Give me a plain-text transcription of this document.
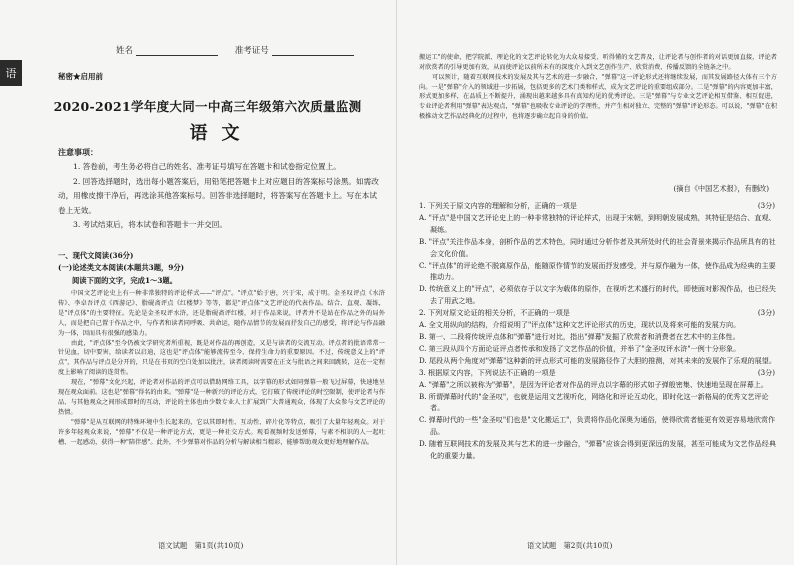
语
姓名	准考证号
秘密★启用前
2020-2021学年度大同一中高三年级第六次质量监测
语文
注意事项：

1. 答卷前，考生务必将自己的姓名、准考证号填写在答题卡和试卷指定位置上。

2. 回答选择题时，选出每小题答案后，用铅笔把答题卡上对应题目的答案标号涂黑。如需改动，用橡皮擦干净后，再选涂其他答案标号。回答非选择题时，将答案写在答题卡上。写在本试卷上无效。

3. 考试结束后，将本试卷和答题卡一并交回。

一、现代文阅读(36分)
(一)论述类文本阅读(本题共3题，9分)
阅读下面的文字，完成1～3题。

中国文艺评论史上有一种非常独特的评论样式——"评点"。"评点"始于唐，兴于宋，成于明。金圣叹评点《水浒传》、李卓吾评点《西游记》、脂砚斋评点《红楼梦》等等，都是"评点体"文艺评论的代表作品。结合、直观、凝练，是"评点体"的主要特征。先论是金圣叹评水浒，还是脂砚斋评红楼，对于作品来说，评者并不是站在作品之外的局外人，而是把自己置于作品之中，与作者和读者同呼吸、共命运，随作品情节的发展而抒发自己的感受，将评论与作品融为一体，因而具有很强的感染力。

由此，"评点体"至今仍被文学研究者所重视，既是对作品的再创造，又是与读者的交流互动。评点者的批语常常一针见血，切中要害，给读者以启迪，这也是"评点体"能够流传至今、保持生命力的重要原因。不过，传统意义上的"评点"，其作品与评点是分开的，只是在书页的空白处加以批注，读者阅读时需要在正文与批语之间来回跳转，这在一定程度上影响了阅读的连贯性。

现在，"弹幕"文化兴起，评论者对作品的评点可以借助网络工具，以字幕的形式如同弹幕一般飞过屏幕，快速地呈现在观众面前。这也是"弹幕"得名的由来。"弹幕"是一种新兴的评论方式，它打破了传统评论的时空限制，使评论者与作品、与其他观众之间形成即时的互动，评论的主体也由少数专业人士扩展到广大普通观众，体现了大众参与文艺评论的热情。

"弹幕"是从互联网的特殊环境中生长起来的，它以其即时性、互动性、碎片化等特点，吸引了大量年轻观众。对于许多年轻观众来说，"弹幕"不仅是一种评论方式，更是一种社交方式。观看视频时发送弹幕，与素不相识的人一起吐槽、一起感动，获得一种"陪伴感"。此外，不少弹幕对作品的分析与解读相当精彩，能够帮助观众更好地理解作品。

语文试题　第1页(共10页)

搬运工"的使命，把学院派、理论化的文艺评论转化为大众易接受、听得懂的文艺普及，让评论者与创作者的对话更加直接，评论者对欣赏者的引导更加有效，从而使评论以前所未有的深度介入到文艺创作生产、欣赏消费、传播反馈的全链条之中。

可以预计，随着互联网技术的发展及其与艺术的进一步融合，"弹幕"这一评论形式还将继续发展，而其发展路径大体有三个方向。一是"弹幕"介入的领域进一步拓展，包括更多的艺术门类和样式，成为文艺评论的重要组成部分。二是"弹幕"的内容更加丰富，形式更加多样，在品质上不断提升，涌现出越来越多具有真知灼见的优秀评论。三是"弹幕"与专业文艺评论相互借鉴、相互促进，专业评论者利用"弹幕"表达观点，"弹幕"也吸收专业评论的学理性，并产生相对独立、完整的"弹幕"评论形态。可以说，"弹幕"在积极推动文艺作品经典化的过程中，也将逐步确立起自身的价值。

(摘自《中国艺术报》，有删改)
1. 下列关于原文内容的理解和分析，正确的一项是	(3分)
A. "评点"是中国文艺评论史上的一种非常独特的评论样式，出现于宋朝，到明朝发展成熟，其特征是结合、直观、凝练。
B. "评点"关注作品本身，剖析作品的艺术特色，同时通过分析作者及其所处时代的社会背景来揭示作品所具有的社会文化价值。
C. "评点体"的评论绝不脱离原作品，能随原作情节的发展而抒发感受，并与原作融为一体，使作品成为经典的主要推动力。
D. 传统意义上的"评点"，必须依存于以文字为载体的原作，在视听艺术盛行的时代，即使面对影视作品，也已经失去了用武之地。
2. 下列对原文论证的相关分析，不正确的一项是	(3分)
A. 全文用纵向的结构，介绍说明了"评点体"这种文艺评论形式的历史，现状以及将来可能的发展方向。
B. 第一、二段将传统评点体和"弹幕"进行对比，指出"弹幕"发掘了欣赏者和消费者在艺术中的主体性。
C. 第三段从四个方面论证评点者传承和发扬了文艺作品的价值，并举了"金圣叹评水浒"一例十分形象。
D. 尾段从两个角度对"弹幕"这种新的评点形式可能的发展路径作了大胆的推测，对其未来的发展作了乐观的展望。
3. 根据原文内容，下列说法不正确的一项是	(3分)
A. "弹幕"之所以被称为"弹幕"，是因为评论者对作品的评点以字幕的形式如子弹般密集、快速地呈现在屏幕上。
B. 所谓弹幕时代的"金圣叹"，也就是运用文艺视听化，网络化和评论互动化，即时化这一新格局的优秀文艺评论者。
C. 弹幕时代的一些"金圣叹"们也是"文化搬运工"，负责将作品化深奥为通俗，使得欣赏者能更有效更容易地欣赏作品。
D. 随着互联网技术的发展及其与艺术的进一步融合，"弹幕"应该会得到更深远的发展，甚至可能成为文艺作品经典化的重要力量。
语文试题　第2页(共10页)
